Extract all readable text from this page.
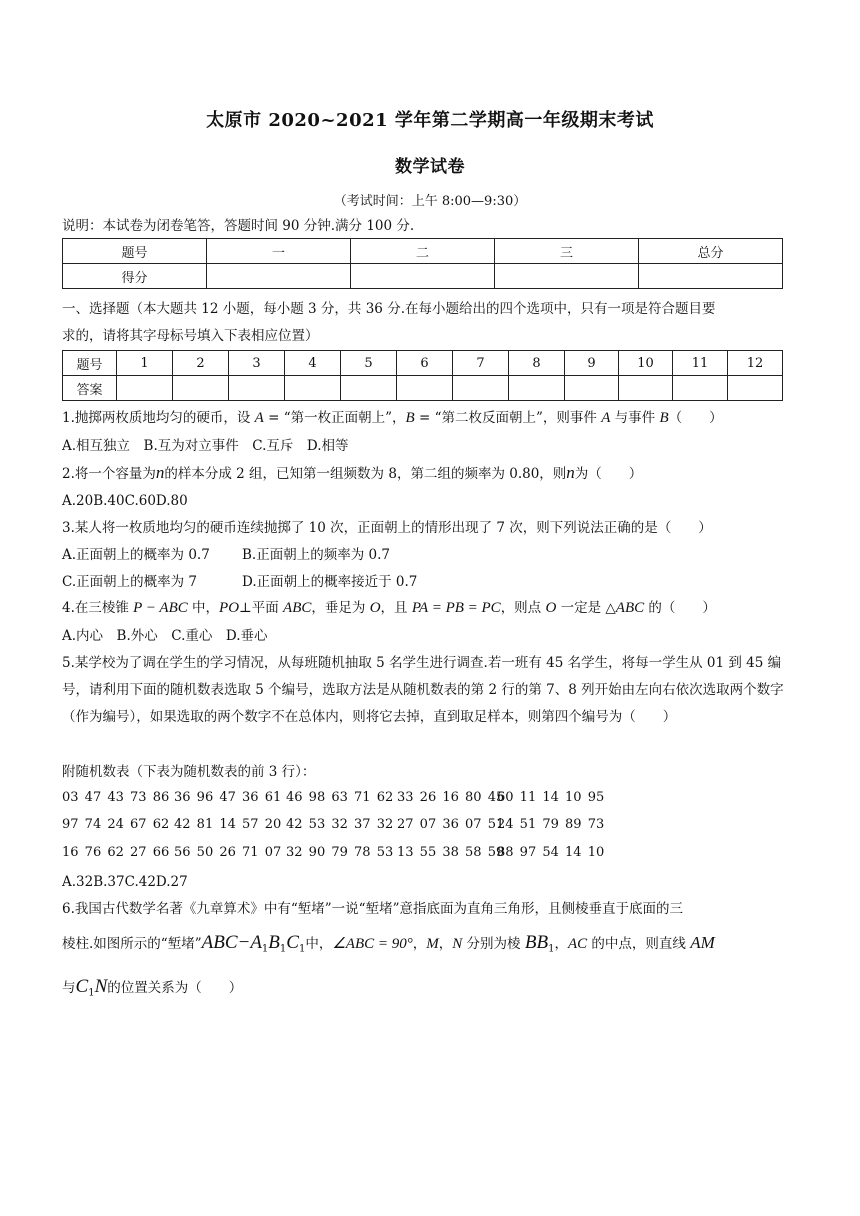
太原市 2020~2021 学年第二学期高一年级期末考试
数学试卷
（考试时间：上午 8:00—9:30）
说明：本试卷为闭卷笔答，答题时间 90 分钟.满分 100 分.
题号	一	二	三	总分
得分				
一、选择题（本大题共 12 小题，每小题 3 分，共 36 分.在每小题给出的四个选项中，只有一项是符合题目要
求的，请将其字母标号填入下表相应位置）
题号	1	2	3	4	5	6	7	8	9	10	11	12
答案												
1.抛掷两枚质地均匀的硬币，设 A = “第一枚正面朝上”，B = “第二枚反面朝上”，则事件 A 与事件 B（　　）
A.相互独立　B.互为对立事件　C.互斥　D.相等
2.将一个容量为n的样本分成 2 组，已知第一组频数为 8，第二组的频率为 0.80，则n为（　　）
A.20B.40C.60D.80
3.某人将一枚质地均匀的硬币连续抛掷了 10 次，正面朝上的情形出现了 7 次，则下列说法正确的是（　　）
A.正面朝上的概率为 0.7 B.正面朝上的频率为 0.7
C.正面朝上的概率为 7	D.正面朝上的概率接近于 0.7
4.在三棱锥 P − ABC 中，PO⊥平面 ABC，垂足为 O，且 PA = PB = PC，则点 O 一定是 △ABC 的（　　）
A.内心　B.外心　C.重心　D.垂心
5.某学校为了调在学生的学习情况，从每班随机抽取 5 名学生进行调查.若一班有 45 名学生，将每一学生从 01 到 45 编号，请利用下面的随机数表选取 5 个编号，选取方法是从随机数表的第 2 行的第 7、8 列开始由左向右依次选取两个数字（作为编号），如果选取的两个数字不在总体内，则将它去掉，直到取足样本，则第四个编号为（　　）
附随机数表（下表为随机数表的前 3 行）：
03 47 43 73 86 36 96 47 36 61 46 98 63 71 62 33 26 16 80 4560 11 14 10 95
97 74 24 67 62 42 81 14 57 20 42 53 32 37 32 27 07 36 07 5124 51 79 89 73
16 76 62 27 66 56 50 26 71 07 32 90 79 78 53 13 55 38 58 5988 97 54 14 10
A.32B.37C.42D.27
6.我国古代数学名著《九章算术》中有“堑堵”一说“堑堵”意指底面为直角三角形，且侧棱垂直于底面的三
棱柱.如图所示的“堑堵$”ABC-A_1B_1C_1$中，∠ABC = 90°，M，N 分别为棱 $BB_1$，AC 的中点，则直线 AM
与$C_1N$的位置关系为（　　）
